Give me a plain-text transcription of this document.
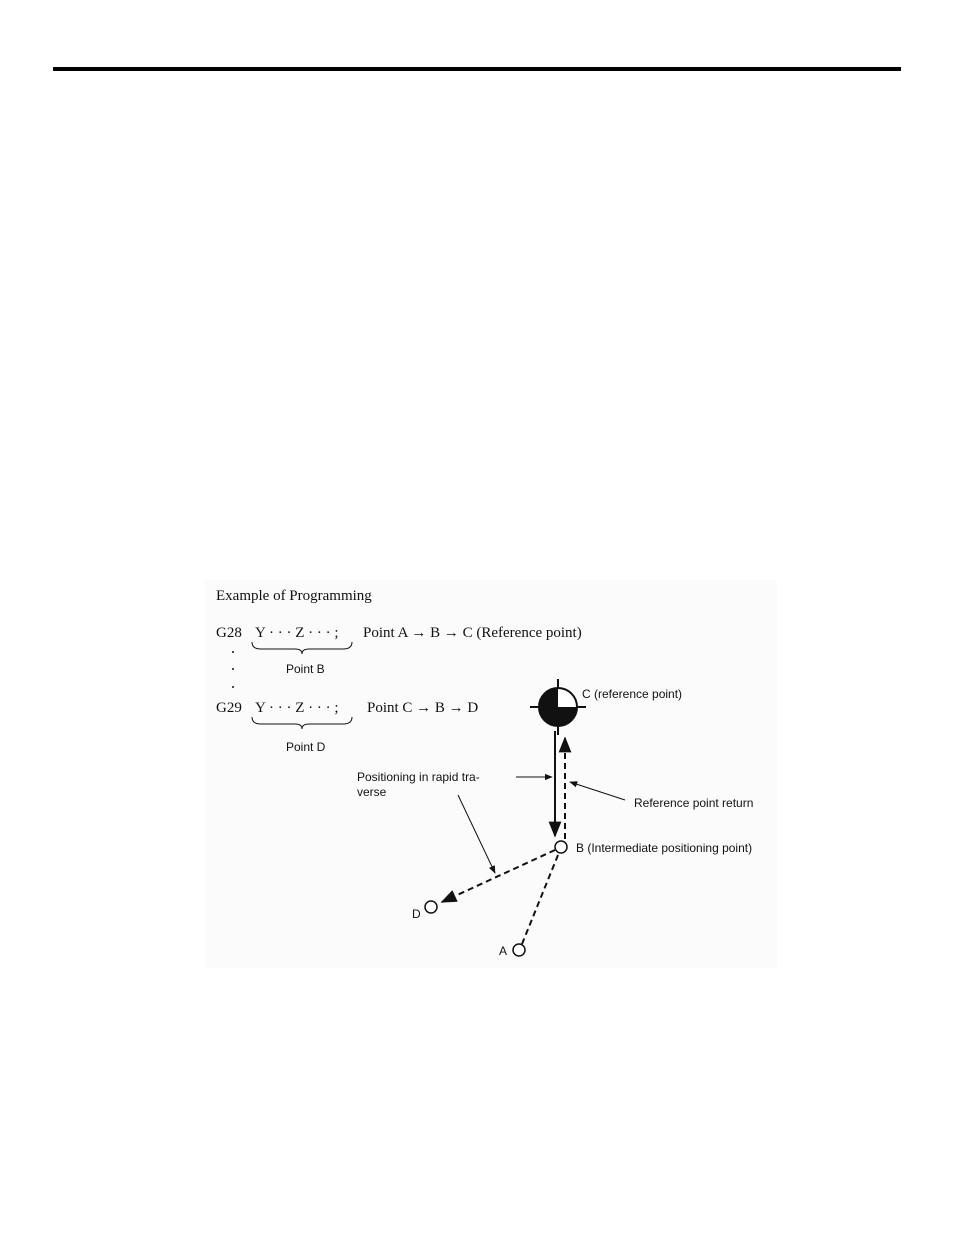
Example of Programming
G28 Y · · · Z · · · ; Point A → B → C (Reference point)
Point B
G29 Y · · · Z · · · ; Point C → B → D
Point D
C (reference point)
B (Intermediate positioning point)
A
D
Positioning in rapid tra-
verse
Reference point return
